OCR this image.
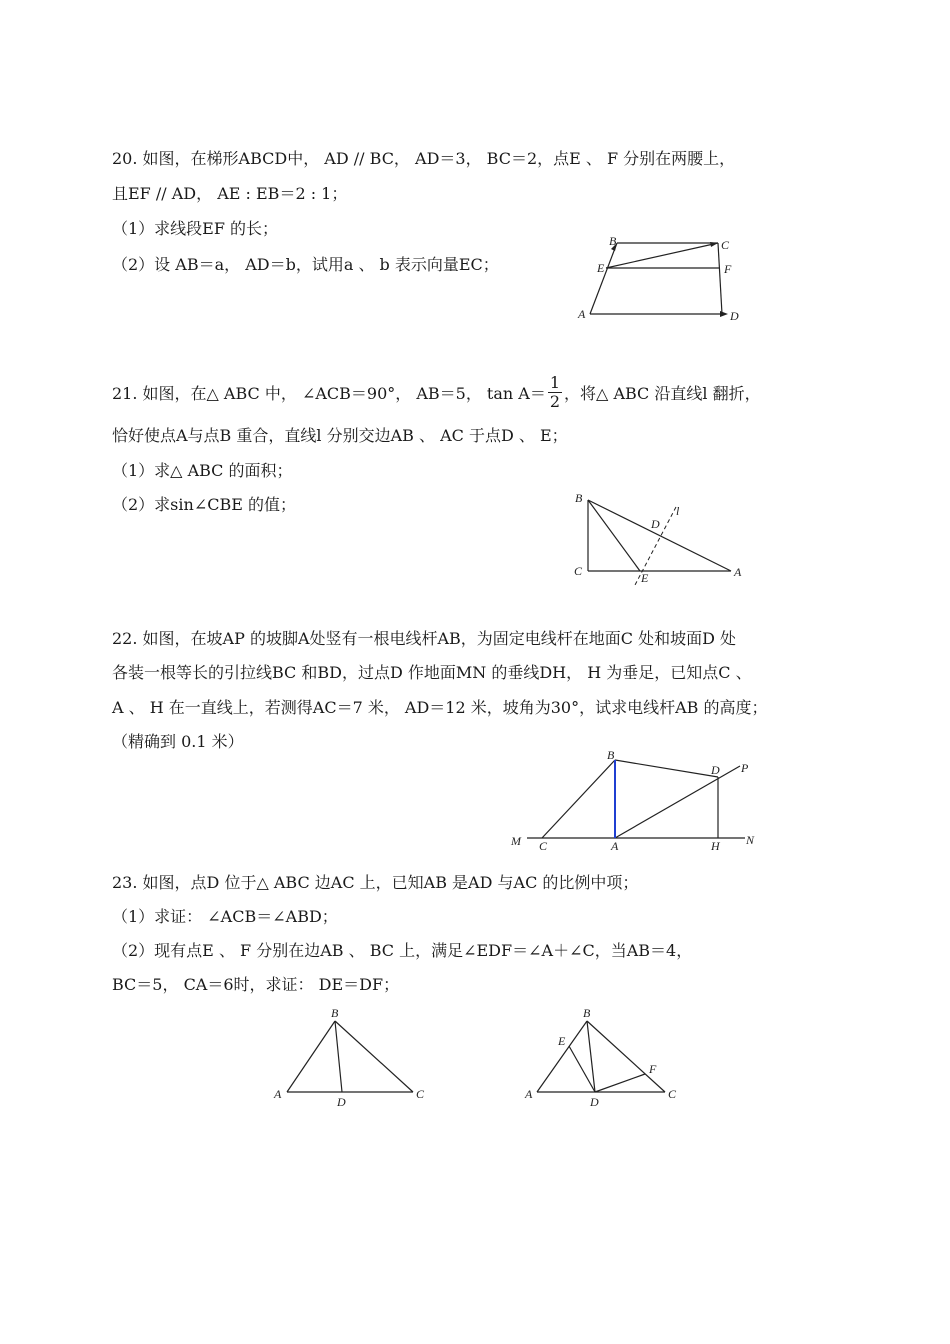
20. 如图，在梯形ABCD中， AD // BC， AD＝3， BC＝2，点E 、 F 分别在两腰上，
且EF // AD， AE : EB＝2 : 1；
（1）求线段EF 的长；
（2）设 AB＝a， AD＝b，试用a 、 b 表示向量EC；
B	C
E	F
A	D
21. 如图，在△ ABC 中， ∠ACB＝90°， AB＝5， $\tan A= \frac{1}{2}$ ，将△ ABC 沿直线l 翻折，
恰好使点A与点B 重合，直线l 分别交边AB 、 AC 于点D 、 E；
（1）求△ ABC 的面积；
（2）求sin∠CBE 的值；	B
l
D
C	E	A
22. 如图，在坡AP 的坡脚A处竖有一根电线杆AB，为固定电线杆在地面C 处和坡面D 处
各装一根等长的引拉线BC 和BD，过点D 作地面MN 的垂线DH， H 为垂足，已知点C 、
A 、 H 在一直线上，若测得AC＝7 米， AD＝12 米，坡角为30°，试求电线杆AB 的高度；
（精确到 0.1 米）
B
D P
M C	A	H N
23. 如图，点D 位于△ ABC 边AC 上，已知AB 是AD 与AC 的比例中项；
（1）求证： ∠ACB＝∠ABD；
（2）现有点E 、 F 分别在边AB 、 BC 上，满足∠EDF＝∠A＋∠C，当AB＝4，
BC＝5， CA＝6时，求证： DE＝DF；
B
A
D
C
B
E
F
A
D
C
